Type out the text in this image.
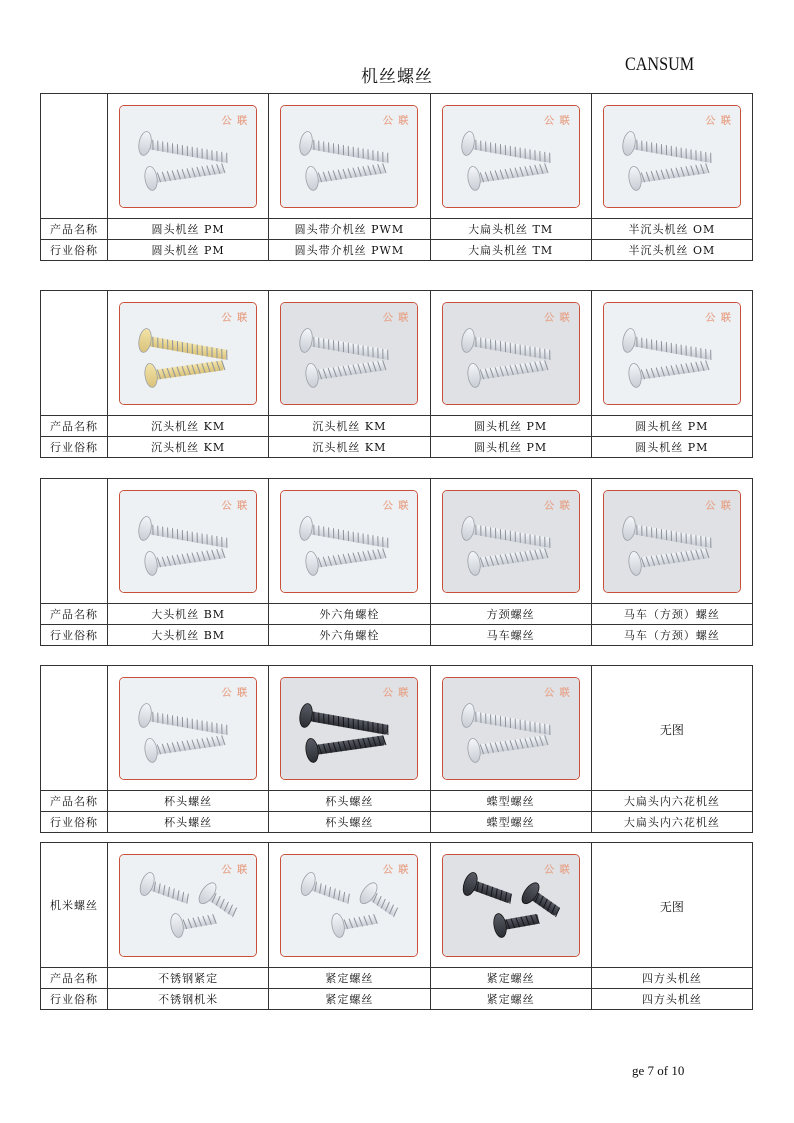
机丝螺丝
CANSUM

	公 联	公 联	公 联	公 联

产品名称	圆头机丝 PM	圆头带介机丝 PWM	大扁头机丝 TM	半沉头机丝 OM
行业俗称	圆头机丝 PM	圆头带介机丝 PWM	大扁头机丝 TM	半沉头机丝 OM

	公 联	公 联	公 联	公 联

产品名称	沉头机丝 KM	沉头机丝 KM	圆头机丝 PM	圆头机丝 PM
行业俗称	沉头机丝 KM	沉头机丝 KM	圆头机丝 PM	圆头机丝 PM

	公 联	公 联	公 联	公 联

产品名称	大头机丝 BM	外六角螺栓	方颈螺丝	马车（方颈）螺丝
行业俗称	大头机丝 BM	外六角螺栓	马车螺丝	马车（方颈）螺丝

	公 联	公 联	公 联	无图
产品名称	杯头螺丝	杯头螺丝	蝶型螺丝	大扁头内六花机丝
行业俗称	杯头螺丝	杯头螺丝	蝶型螺丝	大扁头内六花机丝
机米螺丝	公 联	公 联	公 联	无图
产品名称	不锈钢紧定	紧定螺丝	紧定螺丝	四方头机丝
行业俗称	不锈钢机米	紧定螺丝	紧定螺丝	四方头机丝
ge 7 of 10
